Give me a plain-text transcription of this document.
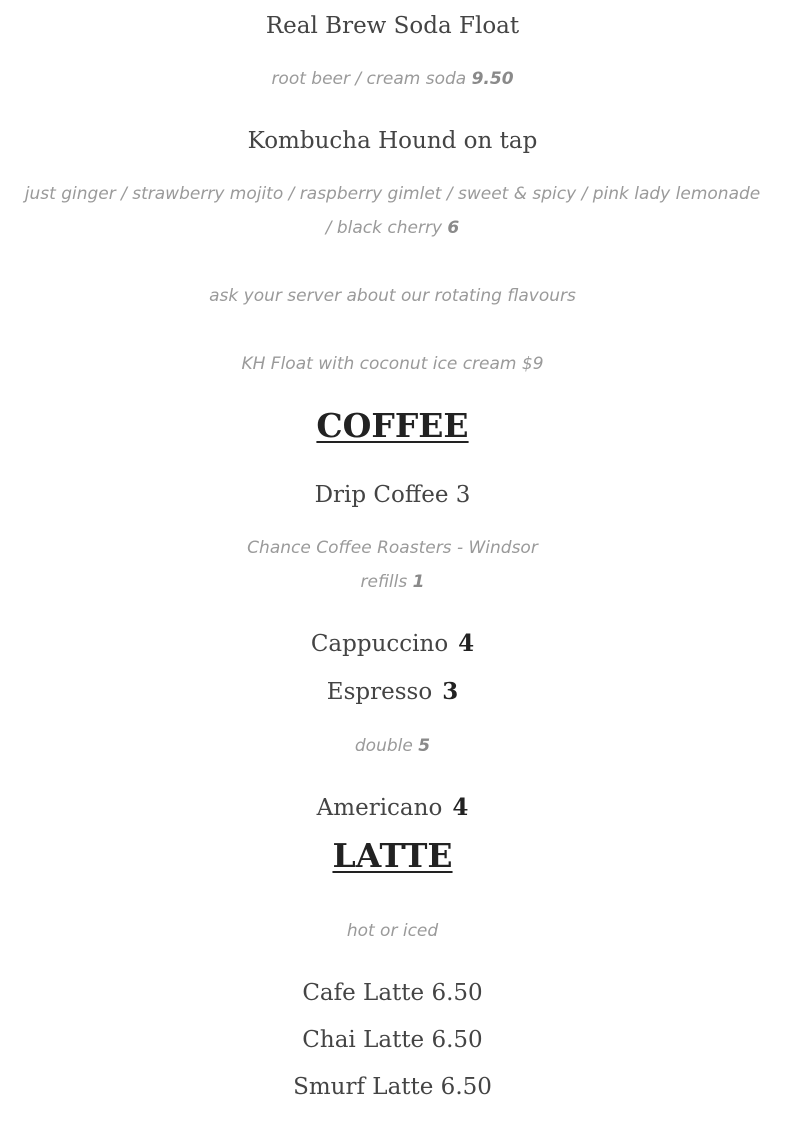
Real Brew Soda Float
root beer / cream soda 9.50
Kombucha Hound on tap
just ginger / strawberry mojito / raspberry gimlet / sweet & spicy / pink lady lemonade
/ black cherry 6
ask your server about our rotating flavours
KH Float with coconut ice cream $9
COFFEE
Drip Coffee 3
Chance Coffee Roasters - Windsor
refills 1
Cappuccino 4
Espresso 3
double 5
Americano 4
LATTE
hot or iced
Cafe Latte 6.50
Chai Latte 6.50
Smurf Latte 6.50
